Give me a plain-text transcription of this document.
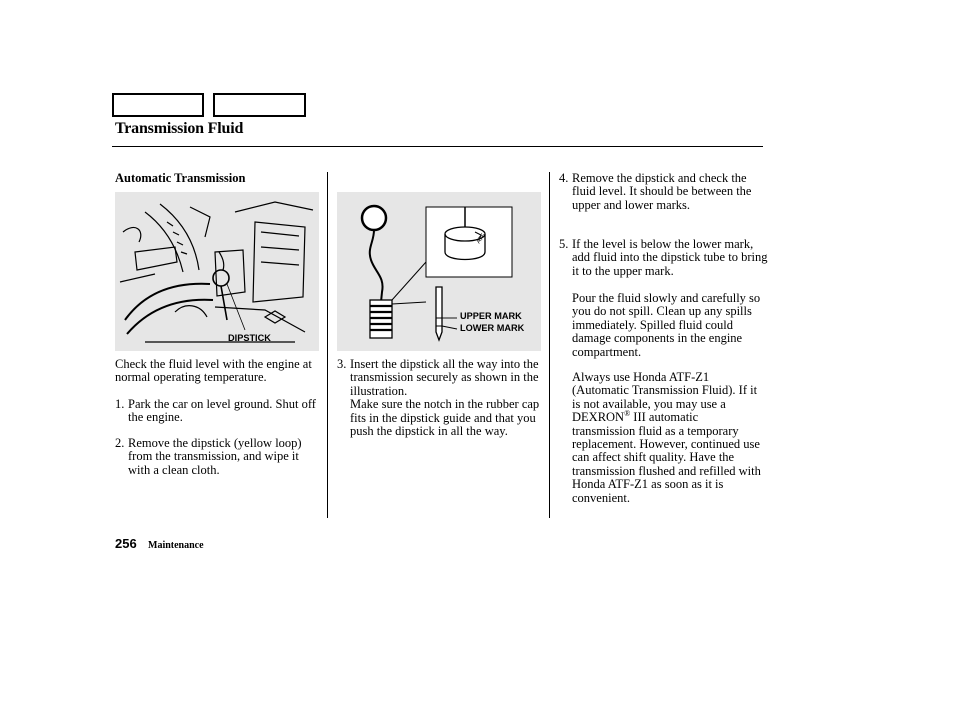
Transmission Fluid
Automatic Transmission
DIPSTICK
Check the fluid level with the engine at normal operating temperature.
1. Park the car on level ground. Shut off the engine.
2. Remove the dipstick (yellow loop) from the transmission, and wipe it with a clean cloth.
ATF
UPPER MARK
LOWER MARK
3. Insert the dipstick all the way into the transmission securely as shown in the illustration.
Make sure the notch in the rubber cap fits in the dipstick guide and that you push the dipstick in all the way.
4. Remove the dipstick and check the fluid level. It should be between the upper and lower marks.
5. If the level is below the lower mark, add fluid into the dipstick tube to bring it to the upper mark.
Pour the fluid slowly and carefully so you do not spill. Clean up any spills immediately. Spilled fluid could damage components in the engine compartment.
Always use Honda ATF-Z1 (Automatic Transmission Fluid). If it is not available, you may use a DEXRON® III automatic transmission fluid as a temporary replacement. However, continued use can affect shift quality. Have the transmission flushed and refilled with Honda ATF-Z1 as soon as it is convenient.
256 Maintenance
